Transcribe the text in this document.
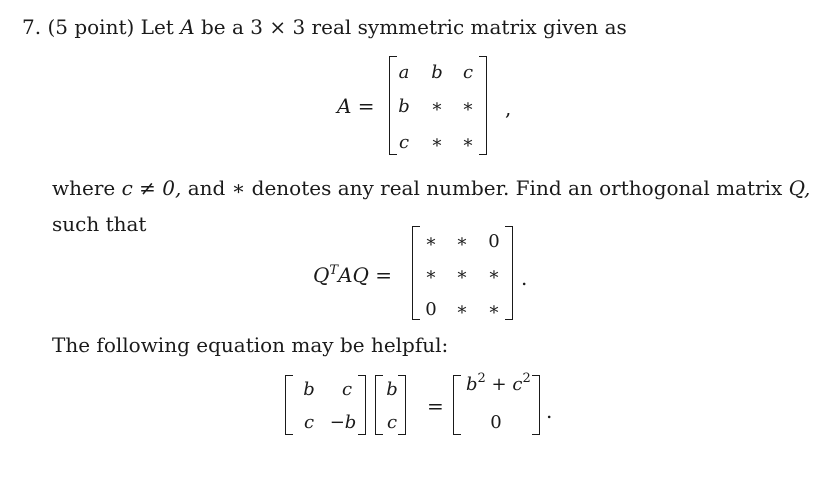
7. (5 point) Let A be a 3 × 3 real symmetric matrix given as
A =
a	b	c
b	∗	∗
c	∗	∗
,
where c ≠ 0, and ∗ denotes any real number. Find an orthogonal matrix Q,
such that
$Q^TAQ$ =
∗	∗	0
∗	∗	∗
0	∗	∗
.
The following equation may be helpful:
b	c
c −b
b
c
=
$b^2 + c^2$
0	.
